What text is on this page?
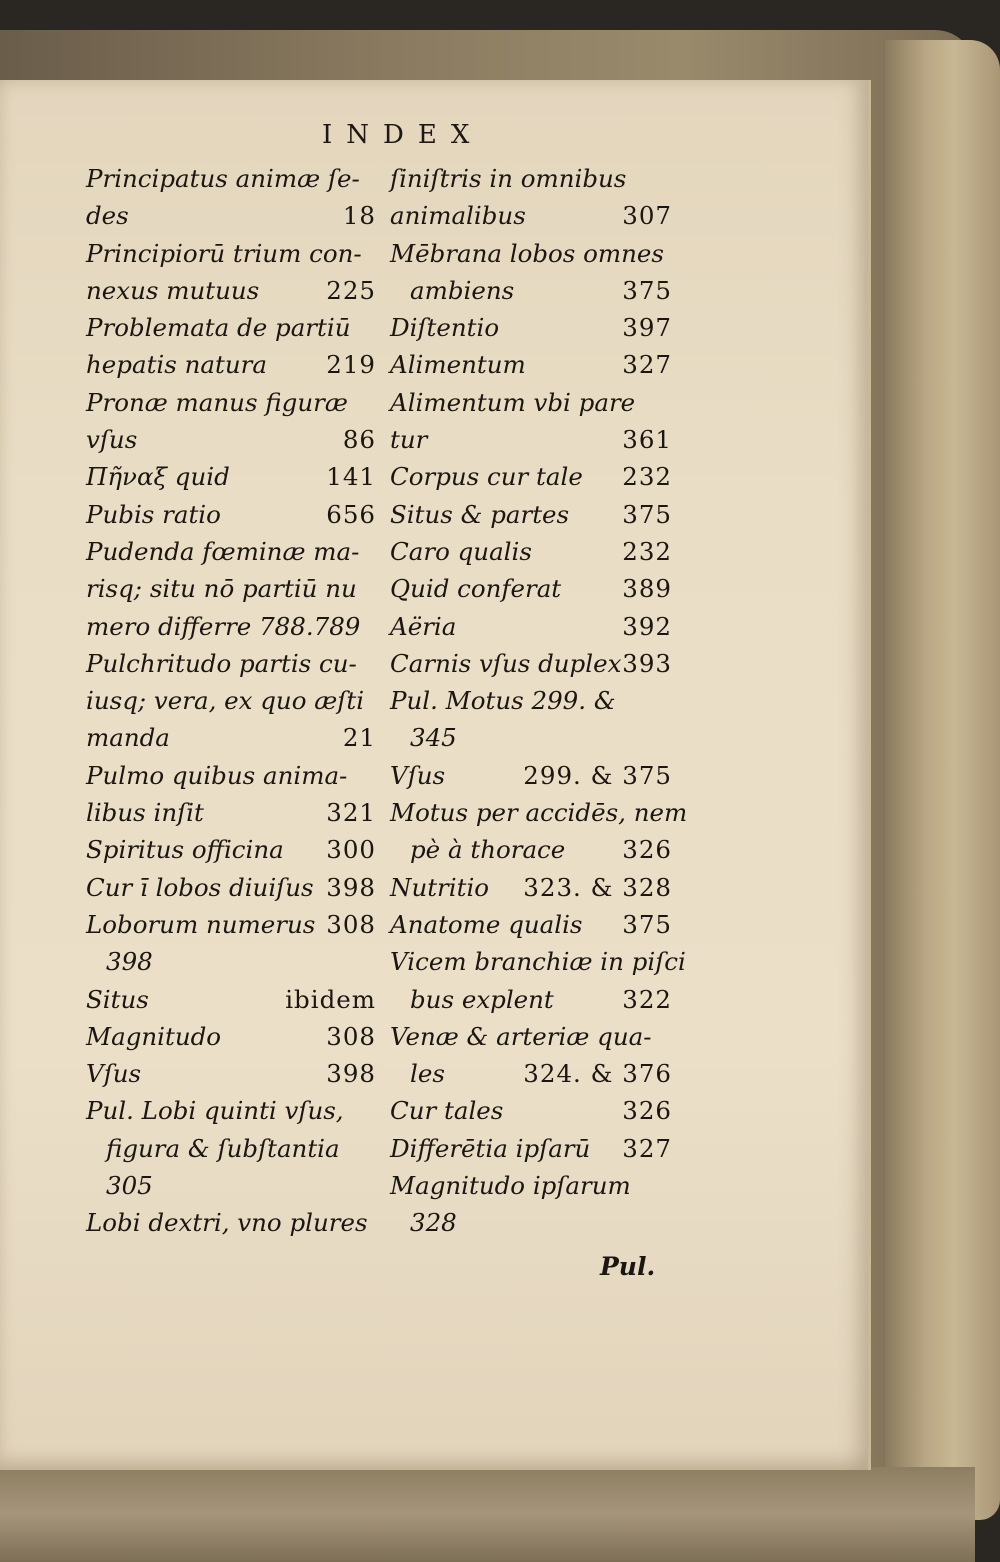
INDEX
Principatus animæ ſe-
des	18
Principiorū trium con-
nexus mutuus	225
Problemata de partiū
hepatis natura 219
Pronæ manus figuræ
vſus	86
Πῆναξ quid	141
Pubis ratio	656
Pudenda fœminæ ma-
risq; situ nō partiū nu
mero differre 788.789
Pulchritudo partis cu-
iusq; vera, ex quo æſti
manda	21
Pulmo quibus anima-
libus inſit	321
Spiritus officina 300
Cur ī lobos diuiſus 398
Loborum numerus 308
398
Situs	ibidem
Magnitudo	308
Vſus	398
Pul. Lobi quinti vſus,
figura & ſubſtantia
305
Lobi dextri, vno plures
ſiniſtris in omnibus
animalibus	307
Mēbrana lobos omnes
ambiens	375
Diſtentio	397
Alimentum	327
Alimentum vbi pare
tur	361
Corpus cur tale 232
Situs & partes 375
Caro qualis	232
Quid conferat 389
Aëria	392
Carnis vſus duplex 393
Pul. Motus 299. &
345
Vſus	299. & 375
Motus per accidēs, nem
pè à thorace 326
Nutritio 323. & 328
Anatome qualis 375
Vicem branchiæ in piſci
bus explent	322
Venæ & arteriæ qua-
les	324. & 376
Cur tales	326
Differētia ipſarū 327
Magnitudo ipſarum
328
Pul.
